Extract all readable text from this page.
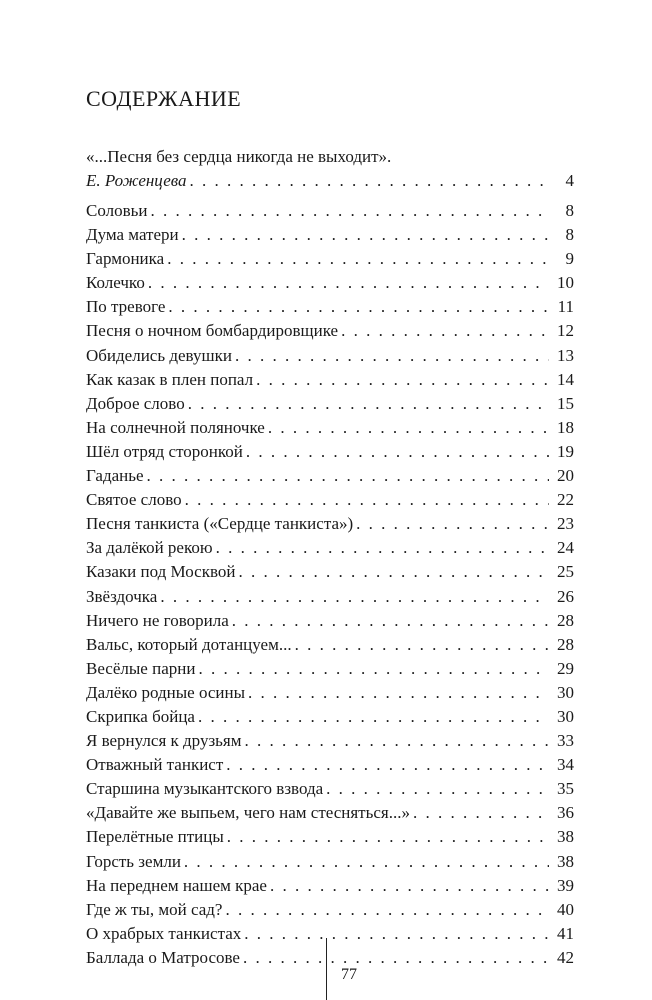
СОДЕРЖАНИЕ
«...Песня без сердца никогда не выходит».
Е. Роженцева . . .	4
Соловьи . . .	8
Дума матери . . .	8
Гармоника . . .	9
Колечко . . .	10
По тревоге . . .	11
Песня о ночном бомбардировщике . . .	12
Обиделись девушки . . .	13
Как казак в плен попал . . .	14
Доброе слово . . .	15
На солнечной поляночке . . .	18
Шёл отряд сторонкой . . .	19
Гаданье . . .	20
Святое слово . . .	22
Песня танкиста («Сердце танкиста») . . .	23
За далёкой рекою . . .	24
Казаки под Москвой . . .	25
Звёздочка . . .	26
Ничего не говорила . . .	28
Вальс, который дотанцуем... . . .	28
Весёлые парни . . .	29
Далёко родные осины . . .	30
Скрипка бойца . . .	30
Я вернулся к друзьям . . .	33
Отважный танкист . . .	34
Старшина музыкантского взвода . . .	35
«Давайте же выпьем, чего нам стесняться...» . . .	36
Перелётные птицы . . .	38
Горсть земли . . .	38
На переднем нашем крае . . .	39
Где ж ты, мой сад? . . .	40
О храбрых танкистах . . .	41
Баллада о Матросове . . .	42
77
